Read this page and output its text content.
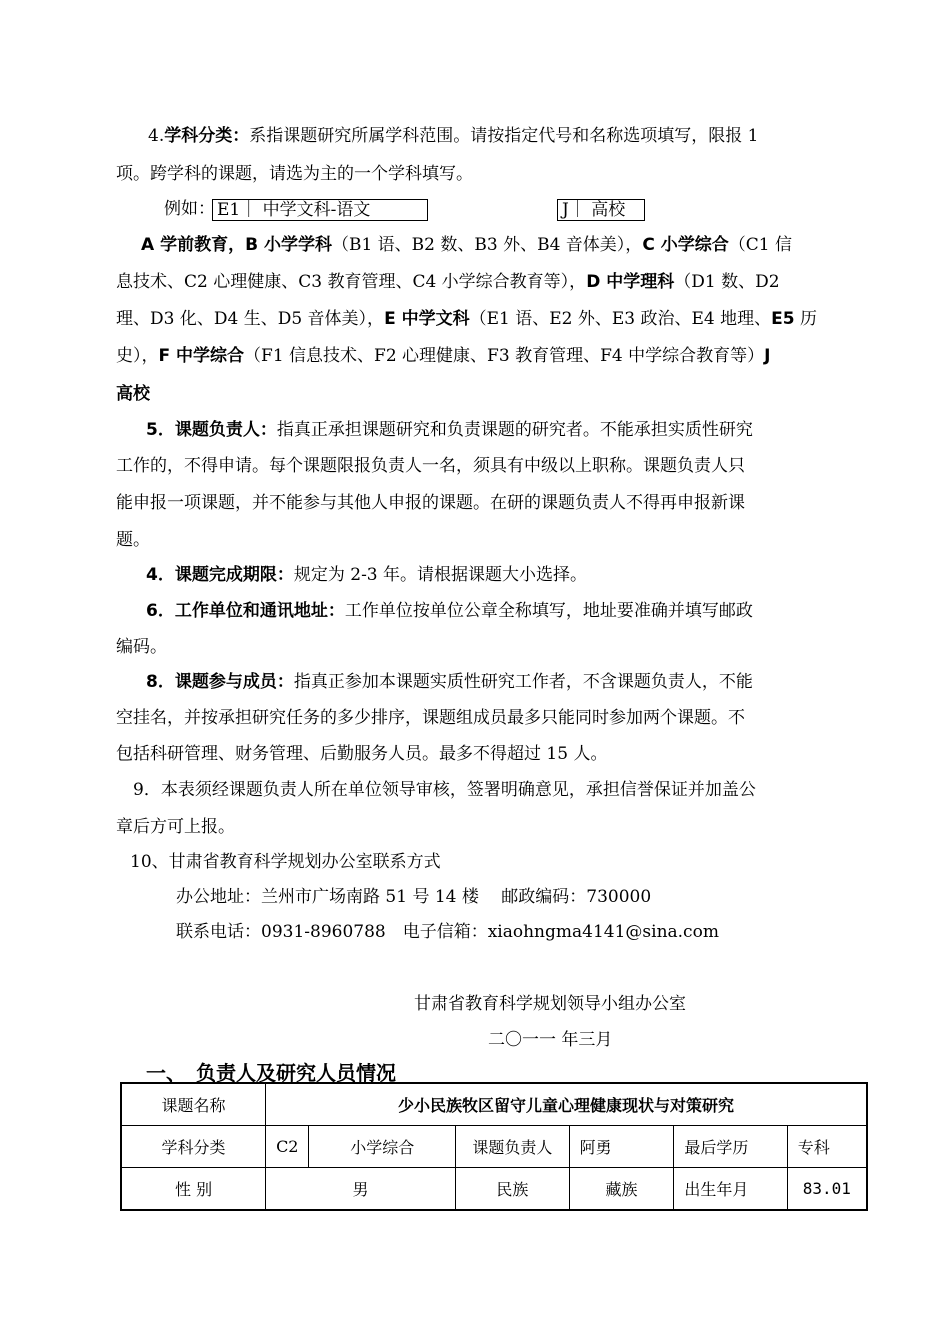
4.学科分类：系指课题研究所属学科范围。请按指定代号和名称选项填写，限报 1
项。跨学科的课题，请选为主的一个学科填写。
例如： E1｜ 中学文科-语文	J｜ 高校
A 学前教育，B 小学学科（B1 语、B2 数、B3 外、B4 音体美），C 小学综合（C1 信
息技术、C2 心理健康、C3 教育管理、C4 小学综合教育等），D 中学理科（D1 数、D2
理、D3 化、D4 生、D5 音体美），E 中学文科（E1 语、E2 外、E3 政治、E4 地理、E5 历
史），F 中学综合（F1 信息技术、F2 心理健康、F3 教育管理、F4 中学综合教育等）J
高校
5．课题负责人：指真正承担课题研究和负责课题的研究者。不能承担实质性研究
工作的，不得申请。每个课题限报负责人一名，须具有中级以上职称。课题负责人只
能申报一项课题，并不能参与其他人申报的课题。在研的课题负责人不得再申报新课
题。
4．课题完成期限：规定为 2-3 年。请根据课题大小选择。
6．工作单位和通讯地址：工作单位按单位公章全称填写，地址要准确并填写邮政
编码。
8．课题参与成员：指真正参加本课题实质性研究工作者，不含课题负责人，不能
空挂名，并按承担研究任务的多少排序，课题组成员最多只能同时参加两个课题。不
包括科研管理、财务管理、后勤服务人员。最多不得超过 15 人。
9．本表须经课题负责人所在单位领导审核，签署明确意见，承担信誉保证并加盖公
章后方可上报。
10、甘肃省教育科学规划办公室联系方式
办公地址：兰州市广场南路 51 号 14 楼　 邮政编码：730000
联系电话：0931-8960788　电子信箱：xiaohngma4141@sina.com
甘肃省教育科学规划领导小组办公室
二〇一一 年三月
一、　负责人及研究人员情况
课题名称	少小民族牧区留守儿童心理健康现状与对策研究					
学科分类	C2	小学综合	课题负责人	阿勇	最后学历	专科
性 别	男		民族	藏族	出生年月	83.01
